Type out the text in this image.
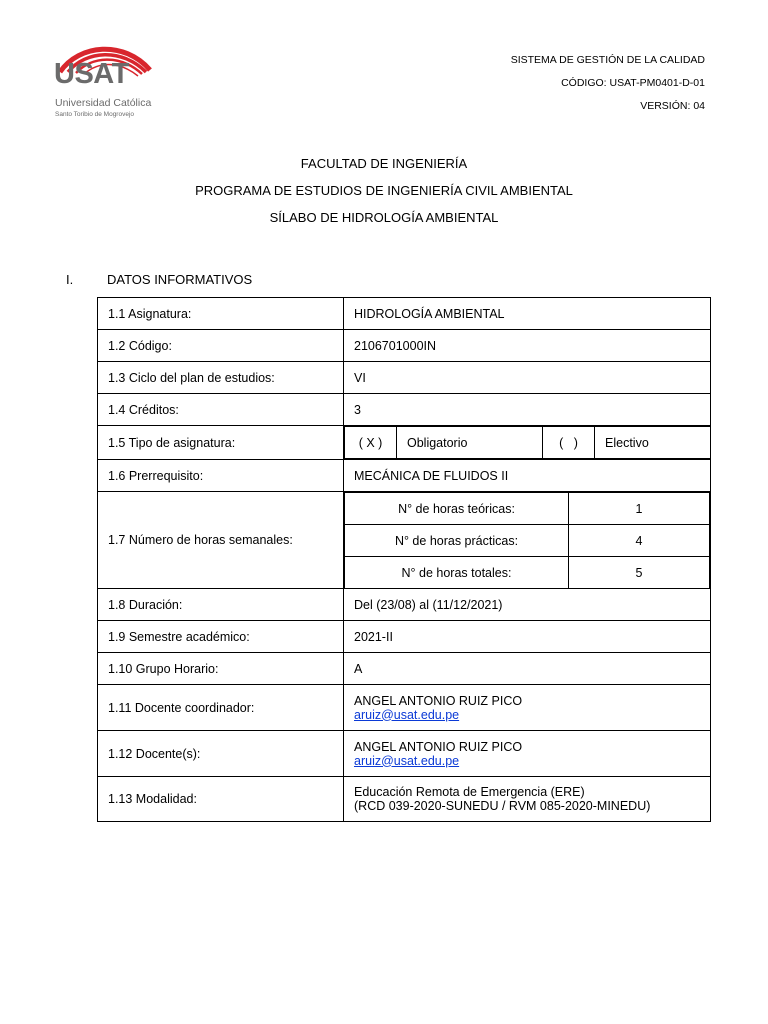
USAT
Universidad Católica
Santo Toribio de Mogrovejo
SISTEMA DE GESTIÓN DE LA CALIDAD
CÓDIGO: USAT-PM0401-D-01
VERSIÓN: 04
FACULTAD DE INGENIERÍA
PROGRAMA DE ESTUDIOS DE INGENIERÍA CIVIL AMBIENTAL
SÍLABO DE HIDROLOGÍA AMBIENTAL
I.	DATOS INFORMATIVOS
1.1 Asignatura:	HIDROLOGÍA AMBIENTAL
1.2 Código:	2106701000IN
1.3 Ciclo del plan de estudios:	VI
1.4 Créditos:	3
1.5 Tipo de asignatura:		( X )	Obligatorio	(   )	Electivo

1.6 Prerrequisito:	MECÁNICA DE FLUIDOS II
1.7 Número de horas semanales:	
N° de horas teóricas:	1
N° de horas prácticas:	4
N° de horas totales:	5

1.8 Duración:	Del (23/08) al (11/12/2021)
1.9 Semestre académico:	2021-II
1.10 Grupo Horario:	A
1.11 Docente coordinador:	ANGEL ANTONIO RUIZ PICO
aruiz@usat.edu.pe

1.12 Docente(s):	ANGEL ANTONIO RUIZ PICO
aruiz@usat.edu.pe

1.13 Modalidad:	Educación Remota de Emergencia (ERE)
(RCD 039-2020-SUNEDU / RVM 085-2020-MINEDU)
